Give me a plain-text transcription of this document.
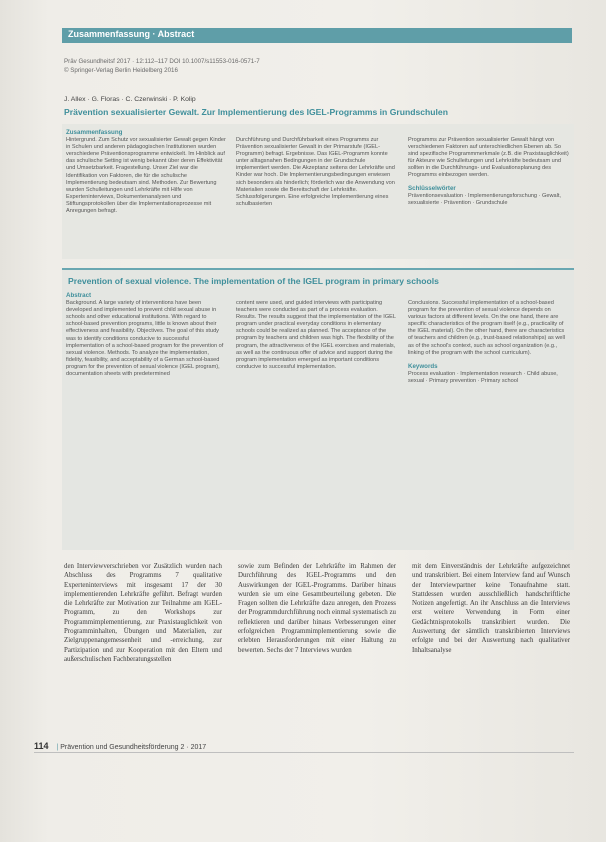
Zusammenfassung · Abstract
Präv Gesundheitsf 2017 · 12:112–117 DOI 10.1007/s11553-016-0571-7
© Springer-Verlag Berlin Heidelberg 2016
J. Allex · G. Floras · C. Czerwinski · P. Kolip
Prävention sexualisierter Gewalt. Zur Implementierung des IGEL-Programms in Grundschulen
Zusammenfassung

Hintergrund. Zum Schutz vor sexualisierter Gewalt gegen Kinder in Schulen und anderen pädagogischen Institutionen wurden verschiedene Präventionsprogramme entwickelt. Im Hinblick auf das schulische Setting ist wenig bekannt über deren Effektivität und Umsetzbarkeit. Fragestellung. Unser Ziel war die Identifikation von Faktoren, die für die schulische Implementierung bedeutsam sind. Methoden. Zur Bewertung wurden Schulleitungen und Lehrkräfte mit Hilfe von Experteninterviews, Dokumentenanalysen und Stiftungsprotokollen über die Implementationsprozesse mit Anregungen befragt.

Durchführung und Durchführbarkeit eines Programms zur Prävention sexualisierter Gewalt in der Primarstufe (IGEL-Programm) befragt. Ergebnisse. Das IGEL-Programm konnte unter alltagsnahen Bedingungen in der Grundschule implementiert werden. Die Akzeptanz seitens der Lehrkräfte und Kinder war hoch. Die Implementierungsbedingungen erwiesen sich besonders als hinderlich; förderlich war die Anwendung von Materialien sowie die Bereitschaft der Lehrkräfte. Schlussfolgerungen. Eine erfolgreiche Implementierung eines schulbasierten

Programms zur Prävention sexualisierter Gewalt hängt von verschiedenen Faktoren auf unterschiedlichen Ebenen ab. So sind spezifische Programmmerkmale (z.B. die Praxistauglichkeit) für Akteure wie Schulleitungen und Lehrkräfte bedeutsam und sollten in die Durchführungs- und Evaluationsplanung des Programms einbezogen werden.

Schlüsselwörter

Präventionsevaluation · Implementierungsforschung · Gewalt, sexualisierte · Prävention · Grundschule

Prevention of sexual violence. The implementation of the IGEL program in primary schools
Abstract

Background. A large variety of interventions have been developed and implemented to prevent child sexual abuse in schools and other educational institutions. With regard to school-based prevention programs, little is known about their effectiveness and feasibility. Objectives. The goal of this study was to identify conditions conducive to successful implementation of a school-based program for the prevention of sexual violence. Methods. To analyze the implementation, fidelity, feasibility, and acceptability of a German school-based program for the prevention of sexual violence (IGEL program), documentation sheets with predetermined

content were used, and guided interviews with participating teachers were conducted as part of a process evaluation. Results. The results suggest that the implementation of the IGEL program under practical everyday conditions in elementary schools could be realized as planned. The acceptance of the program by teachers and children was high. The flexibility of the program, the attractiveness of the IGEL exercises and materials, as well as the continuous offer of advice and support during the program implementation emerged as important conditions conducive to successful implementation.

Conclusions. Successful implementation of a school-based program for the prevention of sexual violence depends on various factors at different levels. On the one hand, there are specific characteristics of the program itself (e.g., practicality of the IGEL material). On the other hand, there are characteristics of teachers and children (e.g., trust-based relationships) as well as of the school's context, such as school organization (e.g., linking of the program with the school curriculum).

Keywords

Process evaluation · Implementation research · Child abuse, sexual · Primary prevention · Primary school

den Interviewverschrieben vor Zusätzlich wurden nach Abschluss des Programms 7 qualitative Experteninterviews mit insgesamt 17 der 30 implementierenden Lehrkräfte geführt. Befragt wurden die Lehrkräfte zur Motivation zur Teilnahme am IGEL-Programm, zu den Workshops zur Programmimplementierung, zur Praxistauglichkeit von Programminhalten, Übungen und Materialien, zur Zielgruppenangemessenheit und -erreichung, zur Partizipation und zur Kooperation mit den Eltern und außerschulischen Fachberatungsstellen

sowie zum Befinden der Lehrkräfte im Rahmen der Durchführung des IGEL-Programms und den Auswirkungen der IGEL-Programms. Darüber hinaus wurden sie um eine Gesamtbeurteilung gebeten. Die Fragen sollten die Lehrkräfte dazu anregen, den Prozess der Programmdurchführung noch einmal systematisch zu reflektieren und darüber hinaus Verbesserungen einer erfolgreichen Programmimplementierung sowie die erlebten Herausforderungen mit einer Haltung zu bewerten. Sechs der 7 Interviews wurden

mit dem Einverständnis der Lehrkräfte aufgezeichnet und transkribiert. Bei einem Interview fand auf Wunsch der Interviewpartner keine Tonaufnahme statt. Stattdessen wurden ausschließlich handschriftliche Notizen angefertigt. An ihr Anschluss an die Interviews erst weitere Verwendung in Form einer Gedächtnisprotokolls transkribiert wurden. Die Auswertung der sämtlich transkribierten Interviews erfolgte und bei der Auswertung nach qualitativer Inhaltsanalyse

114 | Prävention und Gesundheitsförderung 2 · 2017
